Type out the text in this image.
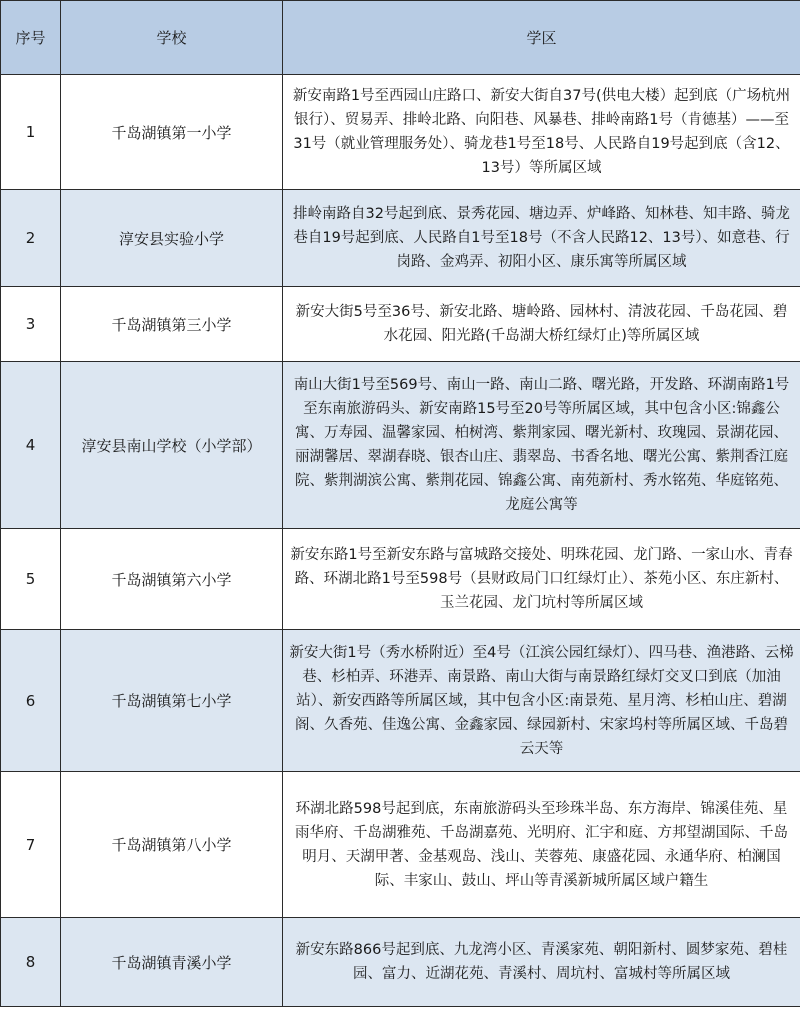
序号	学校	学区
1	千岛湖镇第一小学	新安南路1号至西园山庄路口、新安大街自37号(供电大楼）起到底（广场杭州银行）、贸易弄、排岭北路、向阳巷、风暴巷、排岭南路1号（肯德基）——至31号（就业管理服务处）、骑龙巷1号至18号、人民路自19号起到底（含12、13号）等所属区域
2	淳安县实验小学	排岭南路自32号起到底、景秀花园、塘边弄、炉峰路、知林巷、知丰路、骑龙巷自19号起到底、人民路自1号至18号（不含人民路12、13号）、如意巷、行岗路、金鸡弄、初阳小区、康乐寓等所属区域
3	千岛湖镇第三小学	新安大街5号至36号、新安北路、塘岭路、园林村、清波花园、千岛花园、碧水花园、阳光路(千岛湖大桥红绿灯止)等所属区域
4	淳安县南山学校（小学部）	南山大街1号至569号、南山一路、南山二路、曙光路，开发路、环湖南路1号至东南旅游码头、新安南路15号至20号等所属区域，其中包含小区:锦鑫公寓、万寿园、温馨家园、柏树湾、紫荆家园、曙光新村、玫瑰园、景湖花园、丽湖馨居、翠湖春晓、银杏山庄、翡翠岛、书香名地、曙光公寓、紫荆香江庭院、紫荆湖滨公寓、紫荆花园、锦鑫公寓、南苑新村、秀水铭苑、华庭铭苑、龙庭公寓等
5	千岛湖镇第六小学	新安东路1号至新安东路与富城路交接处、明珠花园、龙门路、一家山水、青春路、环湖北路1号至598号（县财政局门口红绿灯止）、茶苑小区、东庄新村、玉兰花园、龙门坑村等所属区域
6	千岛湖镇第七小学	新安大街1号（秀水桥附近）至4号（江滨公园红绿灯）、四马巷、渔港路、云梯巷、杉柏弄、环港弄、南景路、南山大街与南景路红绿灯交叉口到底（加油站）、新安西路等所属区域，其中包含小区:南景苑、星月湾、杉柏山庄、碧湖阁、久香苑、佳逸公寓、金鑫家园、绿园新村、宋家坞村等所属区域、千岛碧云天等
7	千岛湖镇第八小学	环湖北路598号起到底，东南旅游码头至珍珠半岛、东方海岸、锦溪佳苑、星雨华府、千岛湖雅苑、千岛湖嘉苑、光明府、汇宇和庭、方邦望湖国际、千岛明月、天湖甲著、金基观岛、浅山、芙蓉苑、康盛花园、永通华府、柏澜国际、丰家山、鼓山、坪山等青溪新城所属区域户籍生
8	千岛湖镇青溪小学	新安东路866号起到底、九龙湾小区、青溪家苑、朝阳新村、圆梦家苑、碧桂园、富力、近湖花苑、青溪村、周坑村、富城村等所属区域
